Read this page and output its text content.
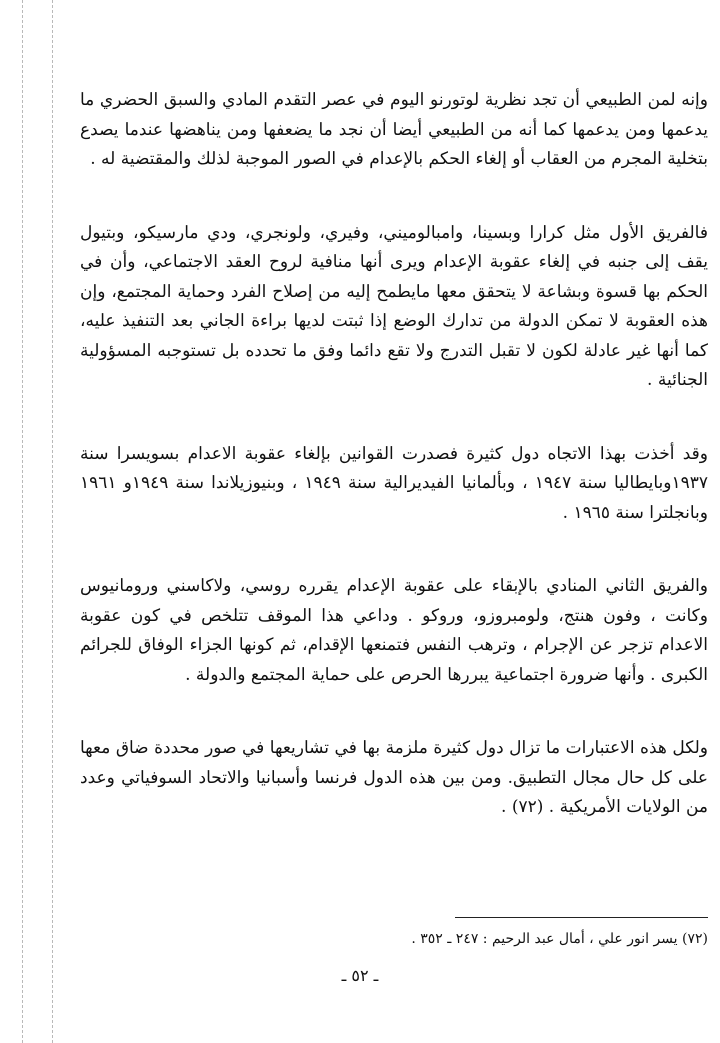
وإنه لمن الطبيعي أن تجد نظرية لوتورنو اليوم في عصر التقدم المادي والسبق الحضري ما يدعمها ومن يدعمها كما أنه من الطبيعي أيضا أن نجد ما يضعفها ومن يناهضها عندما يصدع بتخلية المجرم من العقاب أو إلغاء الحكم بالإعدام في الصور الموجبة لذلك والمقتضية له .

فالفريق الأول مثل كرارا وبسينا، وامبالوميني، وفيري، ولونجري، ودي مارسيكو، وبتيول يقف إلى جنبه في إلغاء عقوبة الإعدام ويرى أنها منافية لروح العقد الاجتماعي، وأن في الحكم بها قسوة وبشاعة لا يتحقق معها مايطمح إليه من إصلاح الفرد وحماية المجتمع، وإن هذه العقوبة لا تمكن الدولة من تدارك الوضع إذا ثبتت لديها براءة الجاني بعد التنفيذ عليه، كما أنها غير عادلة لكون لا تقبل التدرج ولا تقع دائما وفق ما تحدده بل تستوجبه المسؤولية الجنائية .

وقد أخذت بهذا الاتجاه دول كثيرة فصدرت القوانين بإلغاء عقوبة الاعدام بسويسرا سنة ١٩٣٧وبايطاليا سنة ١٩٤٧ ، وبألمانيا الفيديرالية سنة ١٩٤٩ ، وبنيوزيلاندا سنة ١٩٤٩و ١٩٦١ وبانجلترا سنة ١٩٦٥ .

والفريق الثاني المنادي بالإبقاء على عقوبة الإعدام يقرره روسي، ولاكاسني ورومانيوس وكانت ، وفون هنتج، ولومبروزو، وروكو . وداعي هذا الموقف تتلخص في كون عقوبة الاعدام تزجر عن الإجرام ، وترهب النفس فتمنعها الإقدام، ثم كونها الجزاء الوفاق للجرائم الكبرى . وأنها ضرورة اجتماعية يبررها الحرص على حماية المجتمع والدولة .

ولكل هذه الاعتبارات ما تزال دول كثيرة ملزمة بها في تشاريعها في صور محددة ضاق معها على كل حال مجال التطبيق. ومن بين هذه الدول فرنسا وأسبانيا والاتحاد السوفياتي وعدد من الولايات الأمريكية . (٧٢) .

(٧٢) يسر انور علي ، أمال عبد الرحيم : ٢٤٧ ـ ٣٥٢ .
ـ ٥٢ ـ
